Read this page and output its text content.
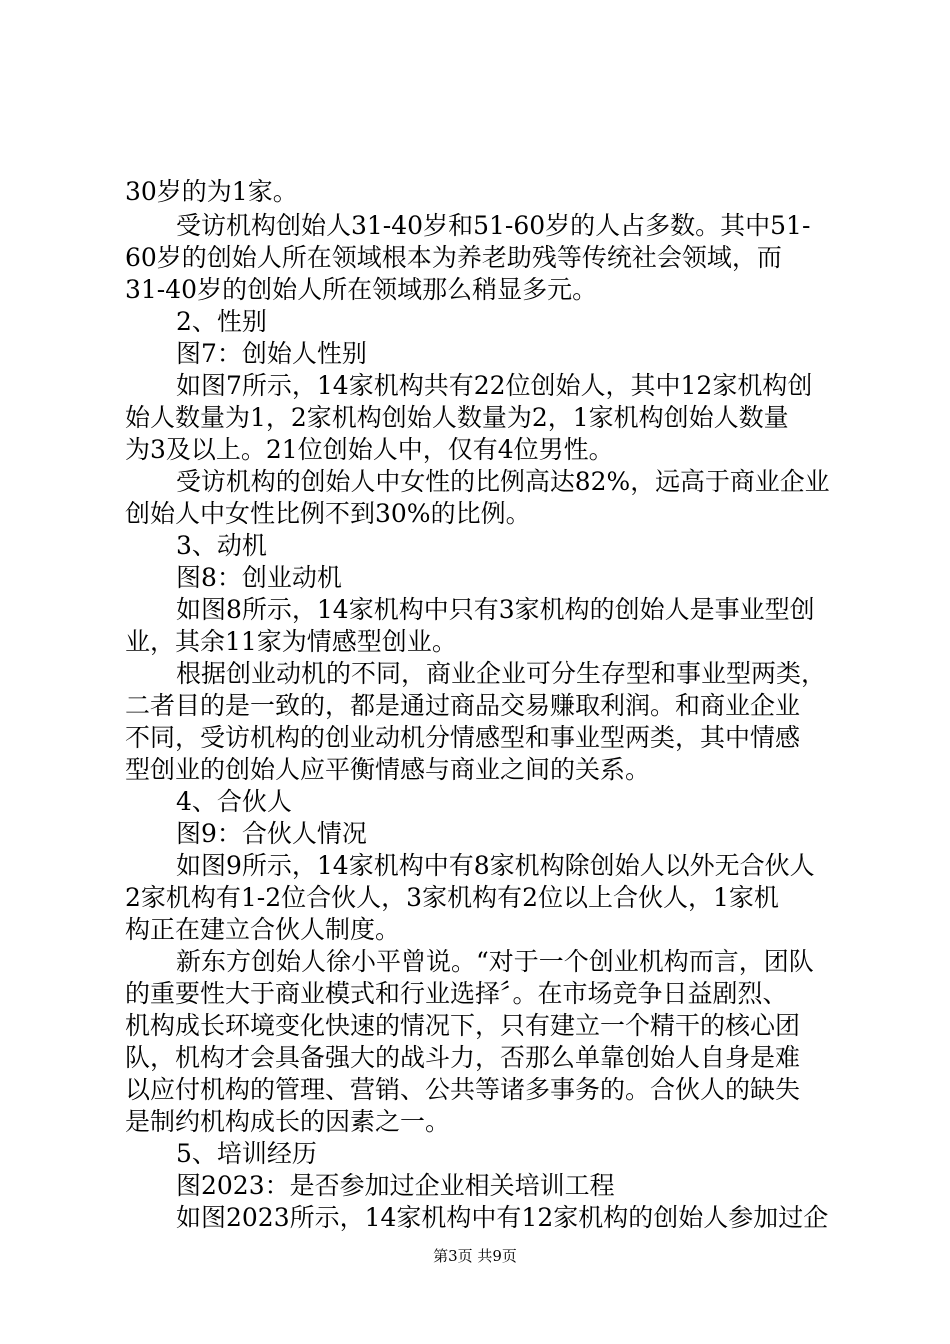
30岁的为1家。
受访机构创始人31-40岁和51-60岁的人占多数。其中51-
60岁的创始人所在领域根本为养老助残等传统社会领域，而
31-40岁的创始人所在领域那么稍显多元。
2、性别
图7：创始人性别
如图7所示，14家机构共有22位创始人，其中12家机构创
始人数量为1，2家机构创始人数量为2，1家机构创始人数量
为3及以上。21位创始人中，仅有4位男性。
受访机构的创始人中女性的比例高达82%，远高于商业企业
创始人中女性比例不到30%的比例。
3、动机
图8：创业动机
如图8所示，14家机构中只有3家机构的创始人是事业型创
业，其余11家为情感型创业。
根据创业动机的不同，商业企业可分生存型和事业型两类，
二者目的是一致的，都是通过商品交易赚取利润。和商业企业
不同，受访机构的创业动机分情感型和事业型两类，其中情感
型创业的创始人应平衡情感与商业之间的关系。
4、合伙人
图9：合伙人情况
如图9所示，14家机构中有8家机构除创始人以外无合伙人
2家机构有1-2位合伙人，3家机构有2位以上合伙人，1家机
构正在建立合伙人制度。
新东方创始人徐小平曾说。“对于一个创业机构而言，团队
的重要性大于商业模式和行业选择〞。在市场竞争日益剧烈、
机构成长环境变化快速的情况下，只有建立一个精干的核心团
队，机构才会具备强大的战斗力，否那么单靠创始人自身是难
以应付机构的管理、营销、公共等诸多事务的。合伙人的缺失
是制约机构成长的因素之一。
5、培训经历
图2023：是否参加过企业相关培训工程
如图2023所示，14家机构中有12家机构的创始人参加过企
第3页 共9页
